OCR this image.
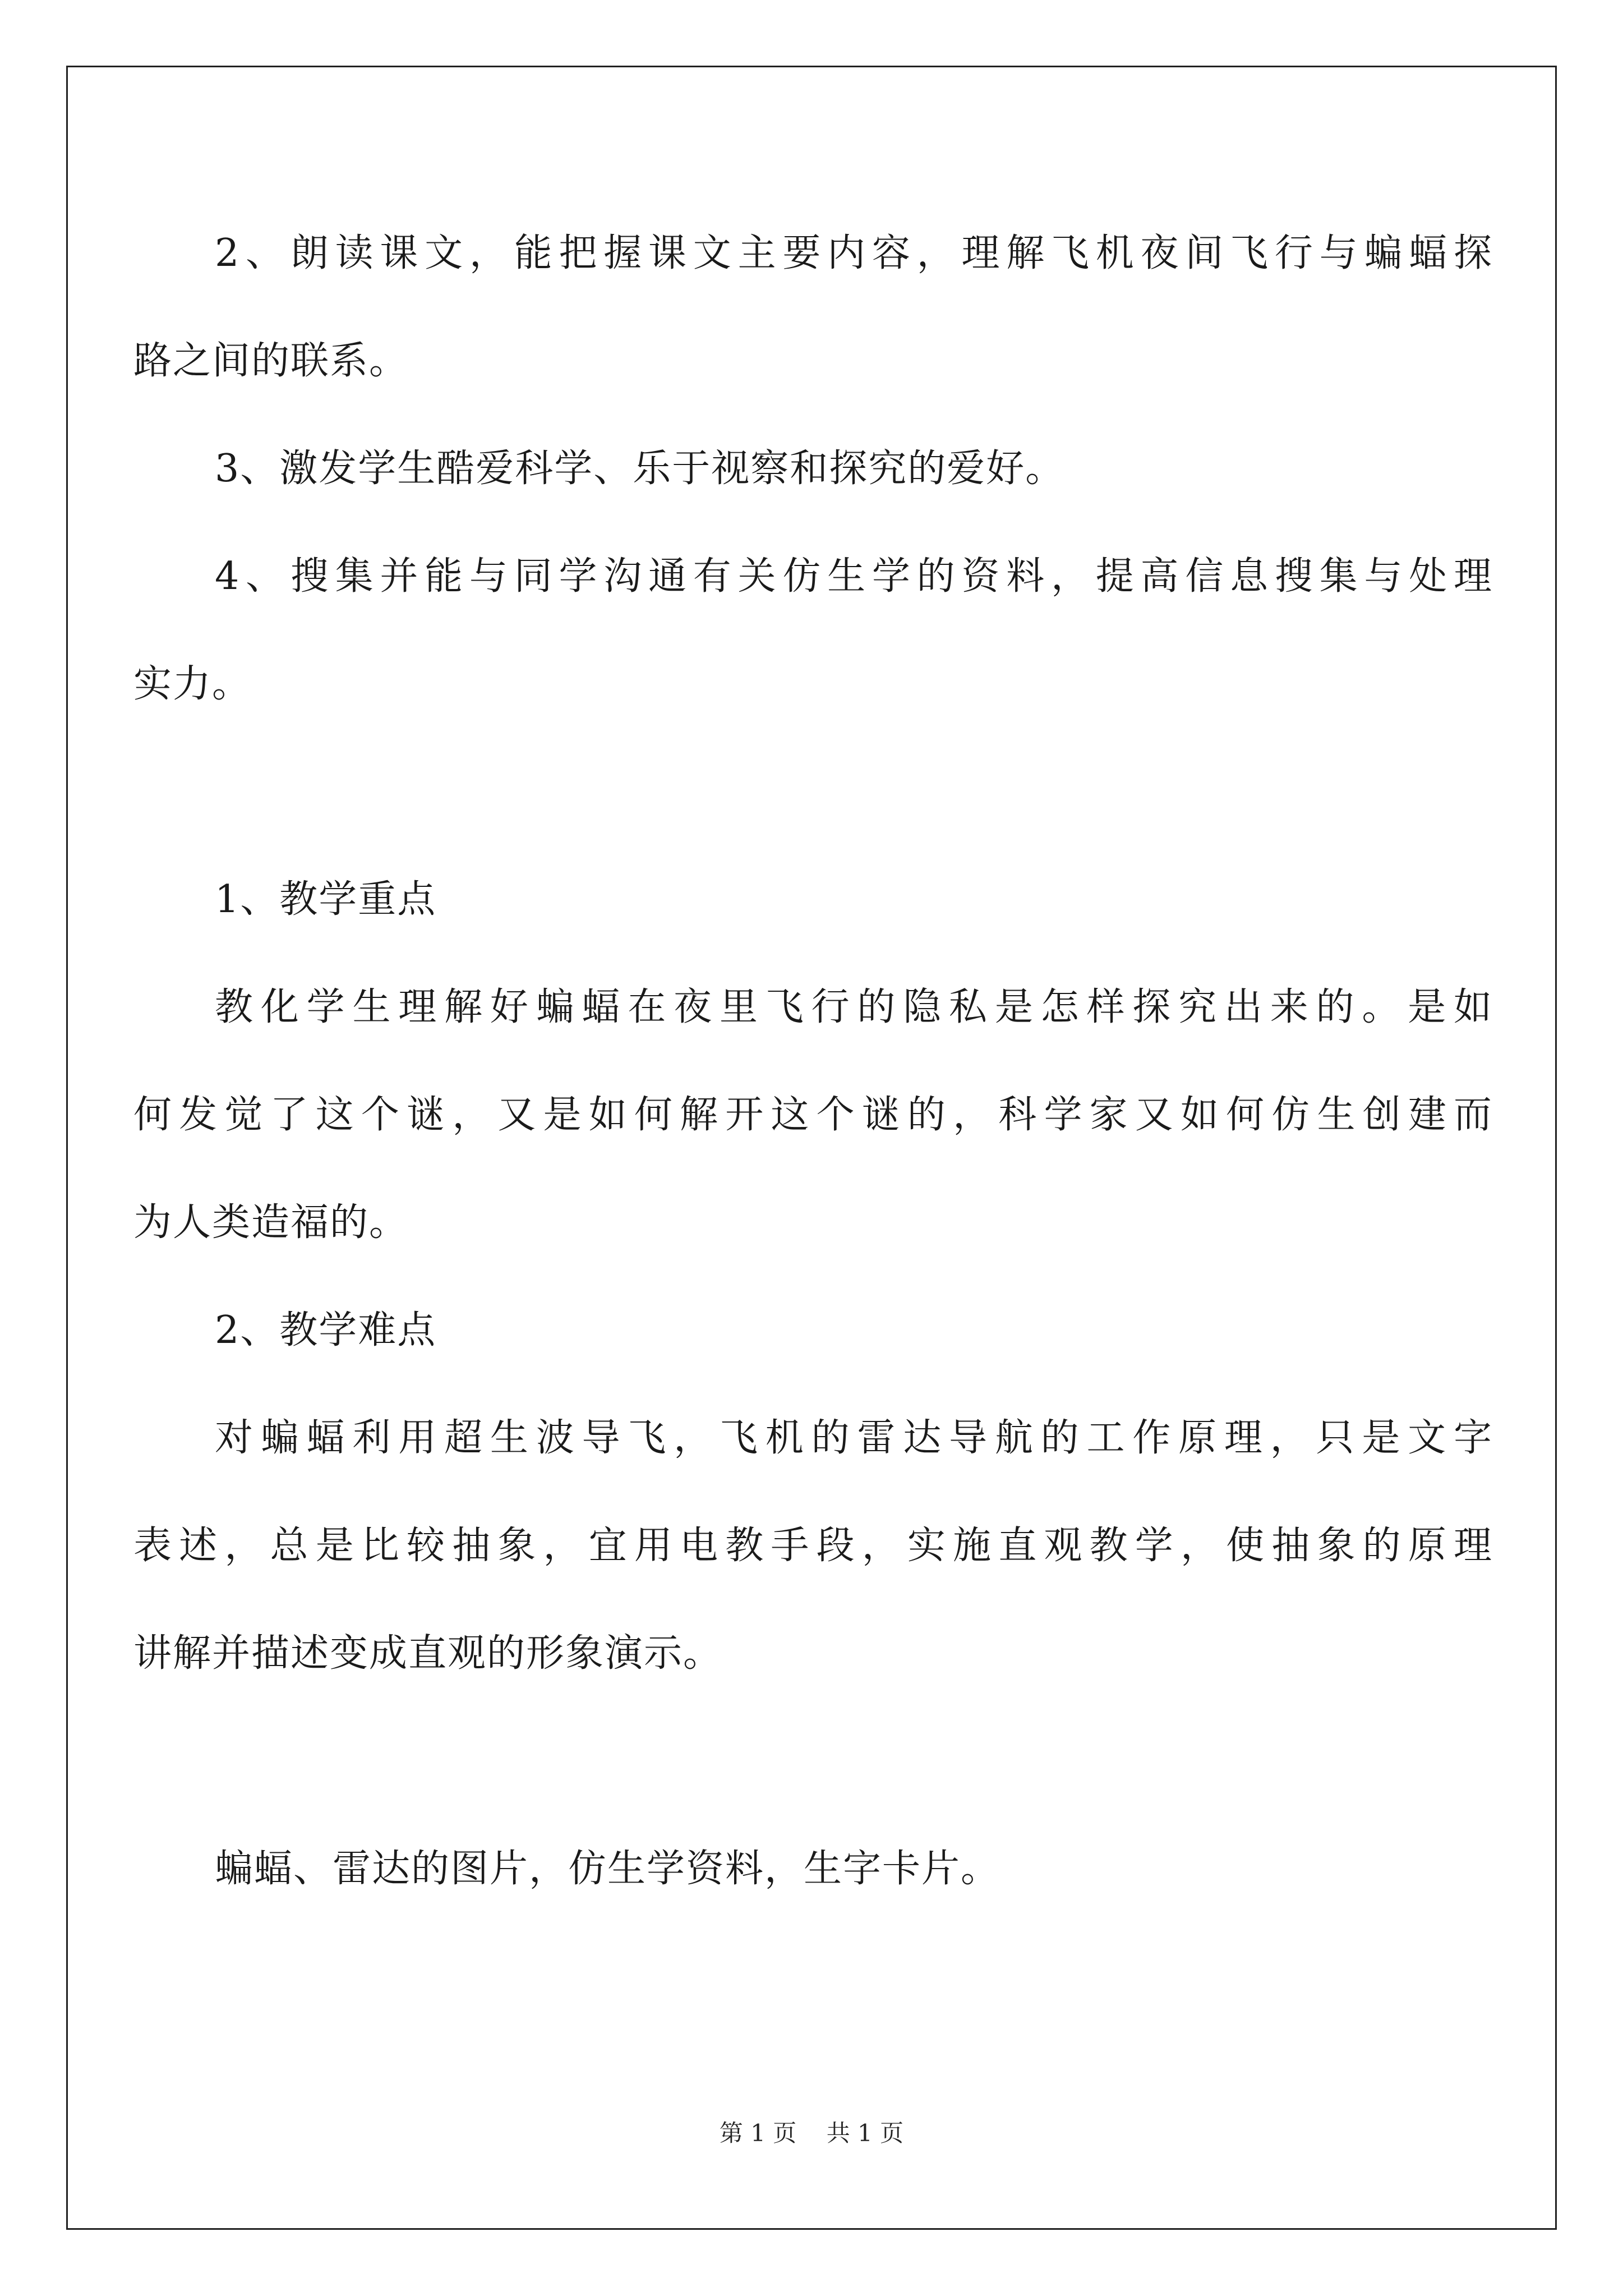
2、朗读课文，能把握课文主要内容，理解飞机夜间飞行与蝙蝠探
路之间的联系。
3、激发学生酷爱科学、乐于视察和探究的爱好。
4、搜集并能与同学沟通有关仿生学的资料，提高信息搜集与处理
实力。
1、教学重点
教化学生理解好蝙蝠在夜里飞行的隐私是怎样探究出来的。是如
何发觉了这个谜，又是如何解开这个谜的，科学家又如何仿生创建而
为人类造福的。
2、教学难点
对蝙蝠利用超生波导飞，飞机的雷达导航的工作原理，只是文字
表述，总是比较抽象，宜用电教手段，实施直观教学，使抽象的原理
讲解并描述变成直观的形象演示。
蝙蝠、雷达的图片，仿生学资料，生字卡片。
第 1 页    共 1 页
